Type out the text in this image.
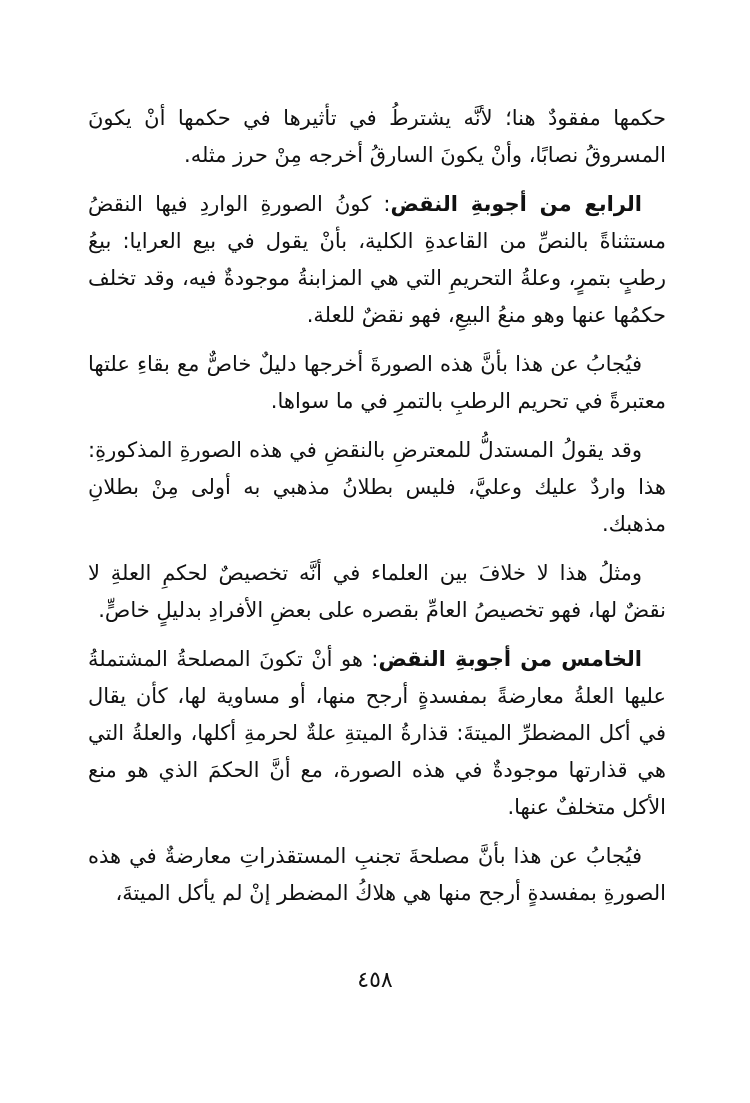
حكمها مفقودٌ هنا؛ لأنَّه يشترطُ في تأثيرها في حكمها أنْ يكونَ المسروقُ نصابًا، وأنْ يكونَ السارقُ أخرجه مِنْ حرز مثله.

الرابع من أجوبةِ النقض: كونُ الصورةِ الواردِ فيها النقضُ مستثناةً بالنصِّ من القاعدةِ الكلية، بأنْ يقول في بيع العرايا: بيعُ رطبٍ بتمرٍ، وعلةُ التحريمِ التي هي المزابنةُ موجودةٌ فيه، وقد تخلف حكمُها عنها وهو منعُ البيعِ، فهو نقضٌ للعلة.

فيُجابُ عن هذا بأنَّ هذه الصورةَ أخرجها دليلٌ خاصٌّ مع بقاءِ علتها معتبرةً في تحريم الرطبِ بالتمرِ في ما سواها.

وقد يقولُ المستدلُّ للمعترضِ بالنقضِ في هذه الصورةِ المذكورةِ: هذا واردٌ عليك وعليَّ، فليس بطلانُ مذهبي به أولى مِنْ بطلانِ مذهبك.

ومثلُ هذا لا خلافَ بين العلماء في أنَّه تخصيصٌ لحكمِ العلةِ لا نقضٌ لها، فهو تخصيصُ العامِّ بقصره على بعضِ الأفرادِ بدليلٍ خاصٍّ.

الخامس من أجوبةِ النقض: هو أنْ تكونَ المصلحةُ المشتملةُ عليها العلةُ معارضةً بمفسدةٍ أرجح منها، أو مساوية لها، كأن يقال في أكل المضطرِّ الميتةَ: قذارةُ الميتةِ علةٌ لحرمةِ أكلها، والعلةُ التي هي قذارتها موجودةٌ في هذه الصورة، مع أنَّ الحكمَ الذي هو منع الأكل متخلفٌ عنها.

فيُجابُ عن هذا بأنَّ مصلحةَ تجنبِ المستقذراتِ معارضةٌ في هذه الصورةِ بمفسدةٍ أرجح منها هي هلاكُ المضطر إنْ لم يأكل الميتةَ،

٤٥٨
